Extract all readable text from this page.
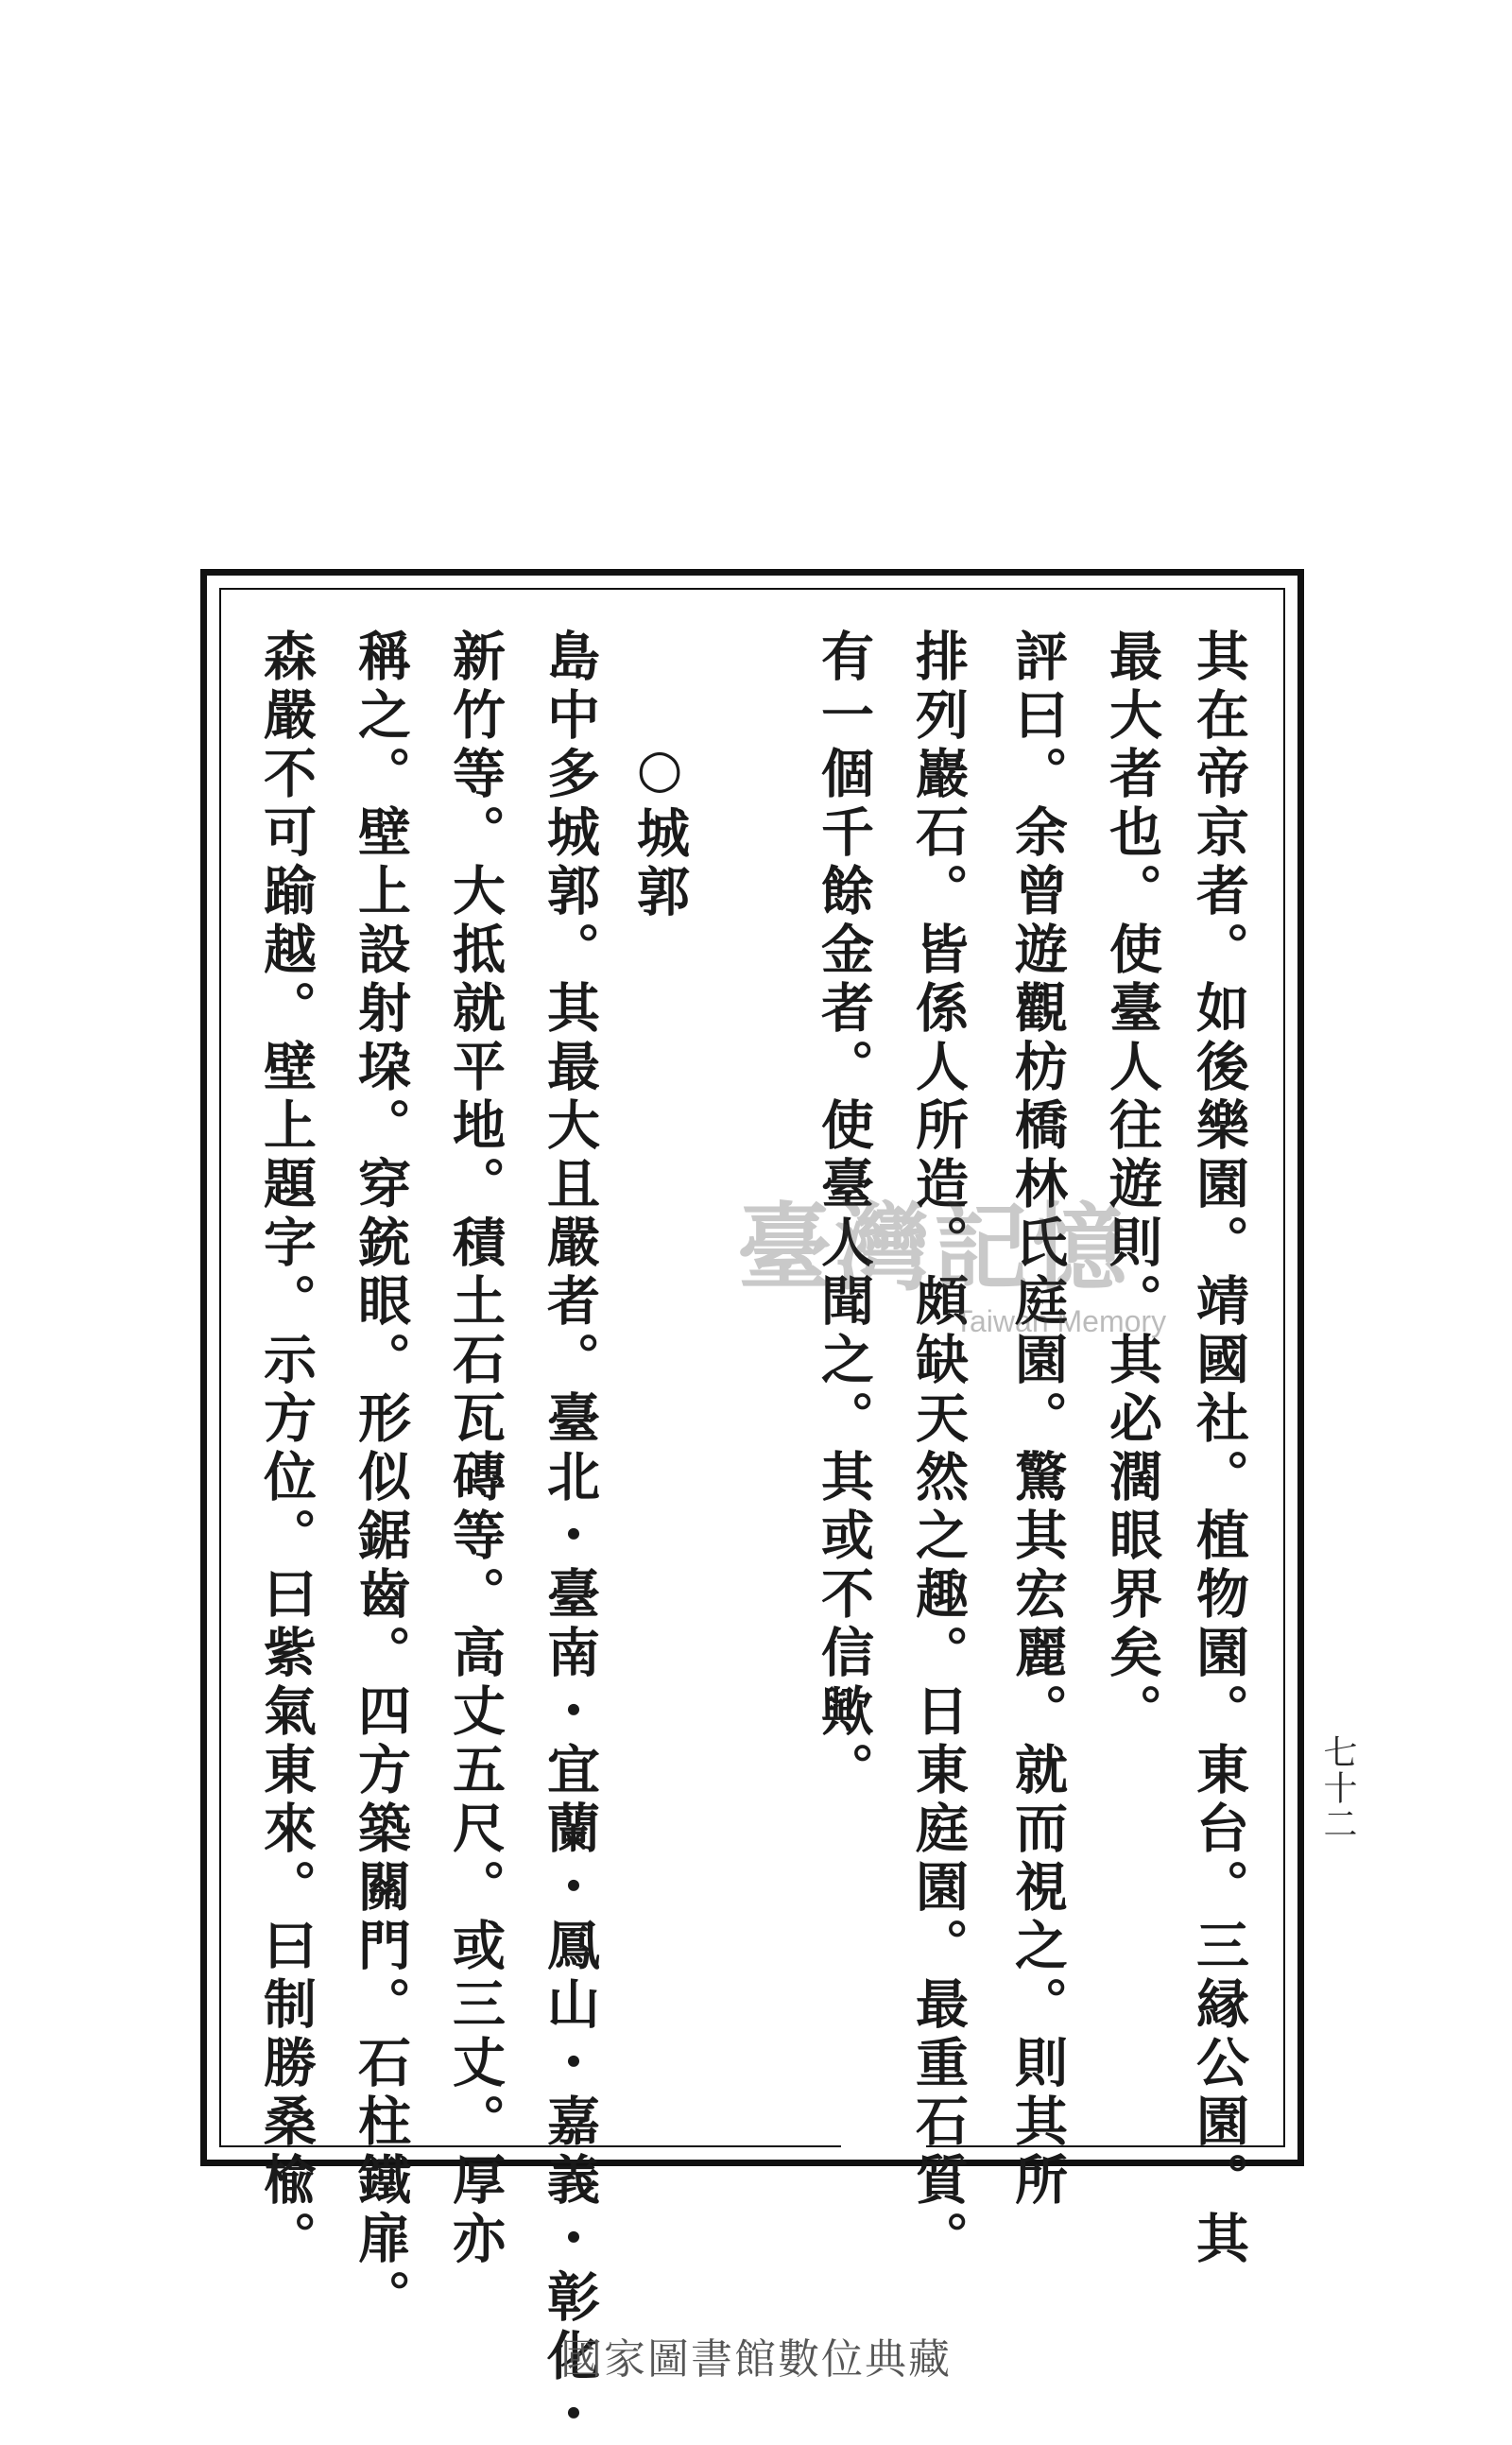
其在帝京者。如後樂園。靖國社。植物園。東台。三縁公園。其
最大者也。使臺人往遊則。其必濶眼界矣。
評曰。余曾遊觀枋橋林氏庭園。驚其宏麗。就而視之。則其所
排列巖石。皆係人所造。頗缺天然之趣。日東庭園。最重石質。
有一個千餘金者。使臺人聞之。其或不信歟。
○城郭
島中多城郭。其最大且嚴者。臺北・臺南・宜蘭・鳳山・嘉義・彰化・
新竹等。大抵就平地。積土石瓦磚等。高丈五尺。或三丈。厚亦
稱之。壁上設射垜。穿銃眼。形似鋸齒。四方築關門。石柱鐵扉。
森嚴不可踰越。壁上題字。示方位。曰紫氣東來。曰制勝桑楡。	七十二
臺灣記憶
Taiwan Memory
國家圖書館數位典藏
